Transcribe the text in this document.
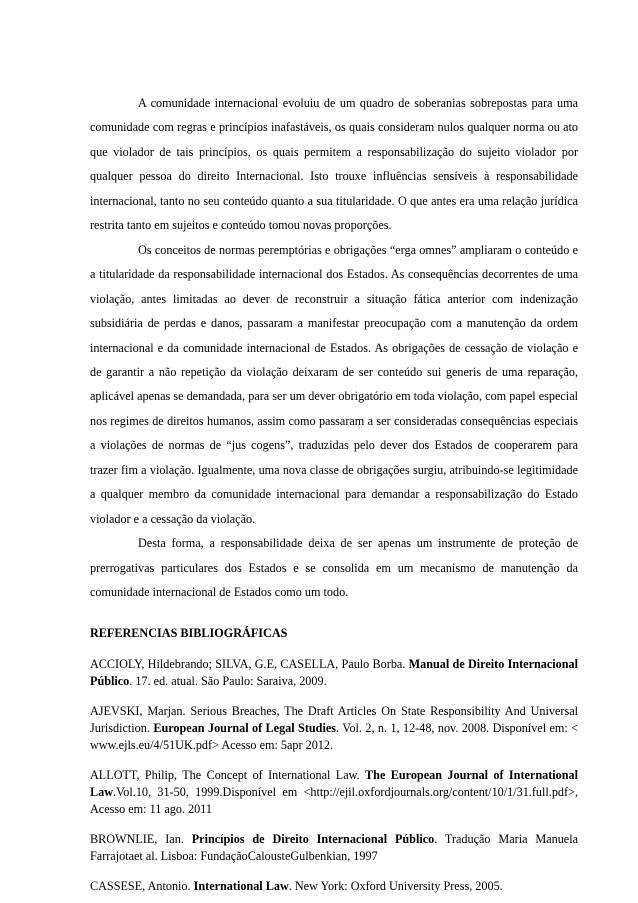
A comunidade internacional evoluiu de um quadro de soberanias sobrepostas para uma comunidade com regras e princípios inafastáveis, os quais consideram nulos qualquer norma ou ato que violador de tais princípios, os quais permitem a responsabilização do sujeito violador por qualquer pessoa do direito Internacional. Isto trouxe influências sensíveis à responsabilidade internacional, tanto no seu conteúdo quanto a sua titularidade. O que antes era uma relação jurídica restrita tanto em sujeitos e conteúdo tomou novas proporções.

Os conceitos de normas peremptórias e obrigações “erga omnes” ampliaram o conteúdo e a titularidade da responsabilidade internacional dos Estados. As consequências decorrentes de uma violação, antes limitadas ao dever de reconstruir a situação fática anterior com indenização subsidiária de perdas e danos, passaram a manifestar preocupação com a manutenção da ordem internacional e da comunidade internacional de Estados. As obrigações de cessação de violação e de garantir a não repetição da violação deixaram de ser conteúdo sui generis de uma reparação, aplicável apenas se demandada, para ser um dever obrigatório em toda violação, com papel especial nos regimes de direitos humanos, assim como passaram a ser consideradas consequências especiais a violações de normas de “jus cogens”, traduzidas pelo dever dos Estados de cooperarem para trazer fim a violação. Igualmente, uma nova classe de obrigações surgiu, atribuindo-se legitimidade a qualquer membro da comunidade internacional para demandar a responsabilização do Estado violador e a cessação da violação.

Desta forma, a responsabilidade deixa de ser apenas um instrumente de proteção de prerrogativas particulares dos Estados e se consolida em um mecanismo de manutenção da comunidade internacional de Estados como um todo.

REFERENCIAS BIBLIOGRÁFICAS

ACCIOLY, Hildebrando; SILVA, G.E, CASELLA, Paulo Borba. Manual de Direito Internacional Público. 17. ed. atual. São Paulo: Saraiva, 2009.

AJEVSKI, Marjan. Serious Breaches, The Draft Articles On State Responsibility And Universal Jurisdiction. European Journal of Legal Studies. Vol. 2, n. 1, 12-48, nov. 2008. Disponível em: < www.ejls.eu/4/51UK.pdf> Acesso em: 5apr 2012.

ALLOTT, Philip, The Concept of International Law. The European Journal of International Law.Vol.10, 31-50, 1999.Disponível em <http://ejil.oxfordjournals.org/content/10/1/31.full.pdf>, Acesso em: 11 ago. 2011

BROWNLIE, Ian. Princípios de Direito Internacional Público. Tradução Maria Manuela Farrajotaet al. Lisboa: FundaçãoCalousteGulbenkian, 1997

CASSESE, Antonio. International Law. New York: Oxford University Press, 2005.
